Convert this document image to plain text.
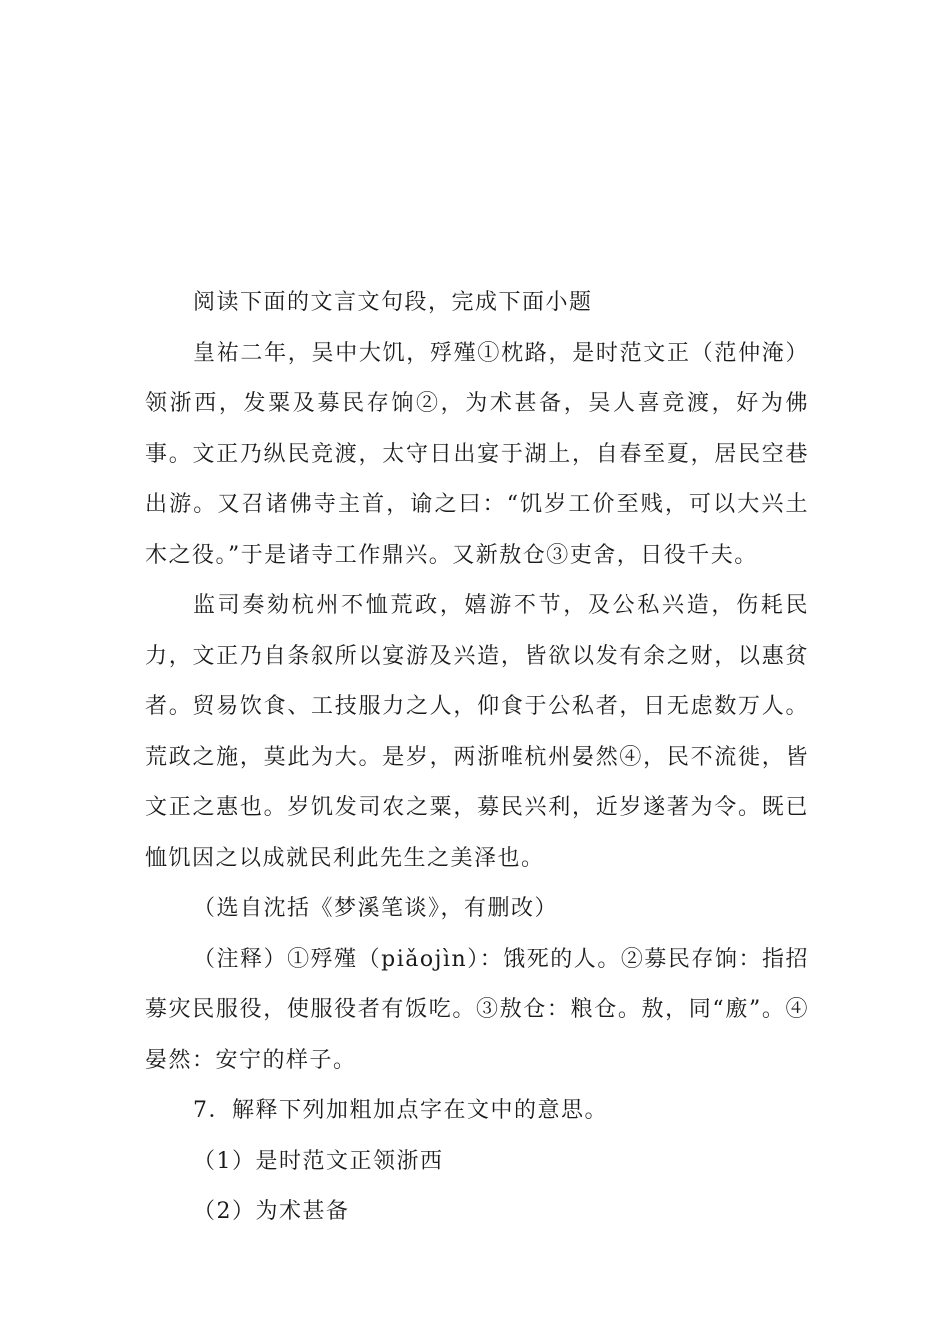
阅读下面的文言文句段，完成下面小题

皇祐二年，吴中大饥，殍殣①枕路，是时范文正（范仲淹）领浙西，发粟及募民存饷②，为术甚备，吴人喜竞渡，好为佛事。文正乃纵民竞渡，太守日出宴于湖上，自春至夏，居民空巷出游。又召诸佛寺主首，谕之曰：“饥岁工价至贱，可以大兴土木之役。”于是诸寺工作鼎兴。又新敖仓③吏舍，日役千夫。

监司奏劾杭州不恤荒政，嬉游不节，及公私兴造，伤耗民力，文正乃自条叙所以宴游及兴造，皆欲以发有余之财，以惠贫者。贸易饮食、工技服力之人，仰食于公私者，日无虑数万人。荒政之施，莫此为大。是岁，两浙唯杭州晏然④，民不流徙，皆文正之惠也。岁饥发司农之粟，募民兴利，近岁遂著为令。既已恤饥因之以成就民利此先生之美泽也。

（选自沈括《梦溪笔谈》，有删改）

（注释）①殍殣（piǎojìn）：饿死的人。②募民存饷：指招募灾民服役，使服役者有饭吃。③敖仓：粮仓。敖，同“廒”。④晏然：安宁的样子。

7．解释下列加粗加点字在文中的意思。

（1）是时范文正领浙西

（2）为术甚备
